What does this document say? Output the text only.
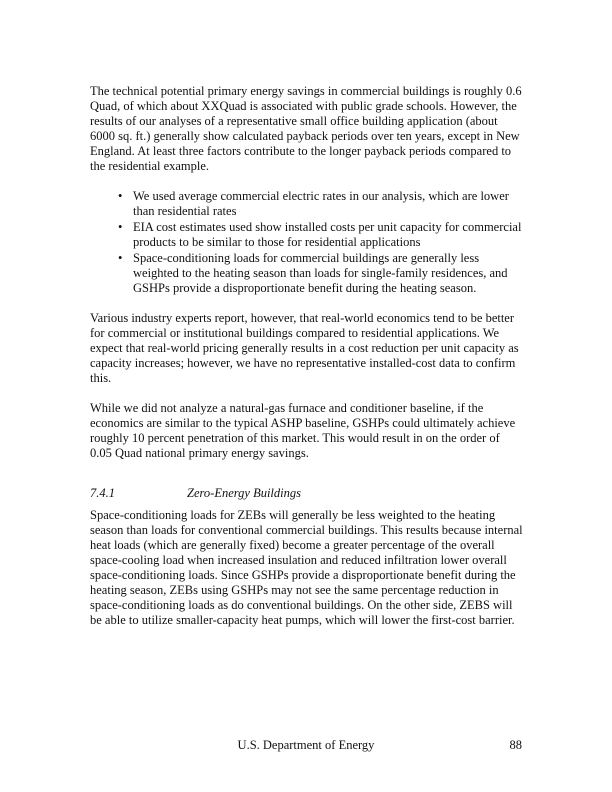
The technical potential primary energy savings in commercial buildings is roughly 0.6 Quad, of which about XXQuad is associated with public grade schools. However, the results of our analyses of a representative small office building application (about 6000 sq. ft.) generally show calculated payback periods over ten years, except in New England. At least three factors contribute to the longer payback periods compared to the residential example.

• We used average commercial electric rates in our analysis, which are lower than residential rates
• EIA cost estimates used show installed costs per unit capacity for commercial products to be similar to those for residential applications
• Space-conditioning loads for commercial buildings are generally less weighted to the heating season than loads for single-family residences, and GSHPs provide a disproportionate benefit during the heating season.

Various industry experts report, however, that real-world economics tend to be better for commercial or institutional buildings compared to residential applications. We expect that real-world pricing generally results in a cost reduction per unit capacity as capacity increases; however, we have no representative installed-cost data to confirm this.

While we did not analyze a natural-gas furnace and conditioner baseline, if the economics are similar to the typical ASHP baseline, GSHPs could ultimately achieve roughly 10 percent penetration of this market. This would result in on the order of 0.05 Quad national primary energy savings.

7.4.1	Zero-Energy Buildings

Space-conditioning loads for ZEBs will generally be less weighted to the heating season than loads for conventional commercial buildings. This results because internal heat loads (which are generally fixed) become a greater percentage of the overall space-cooling load when increased insulation and reduced infiltration lower overall space-conditioning loads. Since GSHPs provide a disproportionate benefit during the heating season, ZEBs using GSHPs may not see the same percentage reduction in space-conditioning loads as do conventional buildings. On the other side, ZEBS will be able to utilize smaller-capacity heat pumps, which will lower the first-cost barrier.

U.S. Department of Energy	88
